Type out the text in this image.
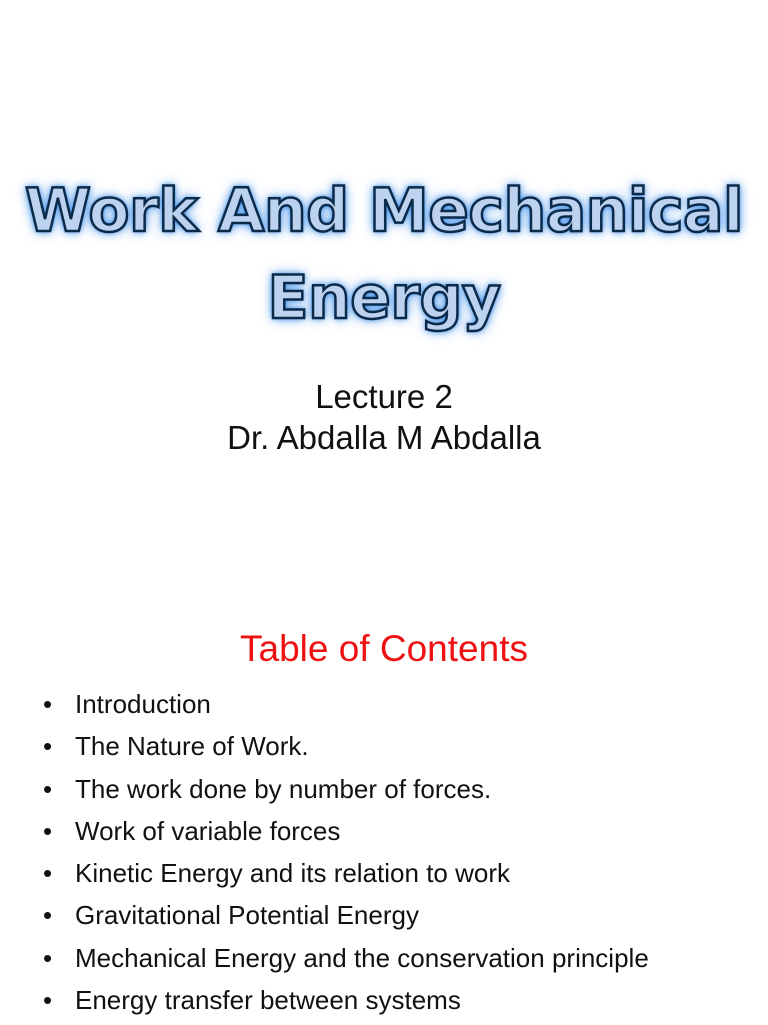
Work And Mechanical
Energy
Lecture 2
Dr. Abdalla M Abdalla
Table of Contents
• Introduction
• The Nature of Work.
• The work done by number of forces.
• Work of variable forces
• Kinetic Energy and its relation to work
• Gravitational Potential Energy
• Mechanical Energy and the conservation principle
• Energy transfer between systems
